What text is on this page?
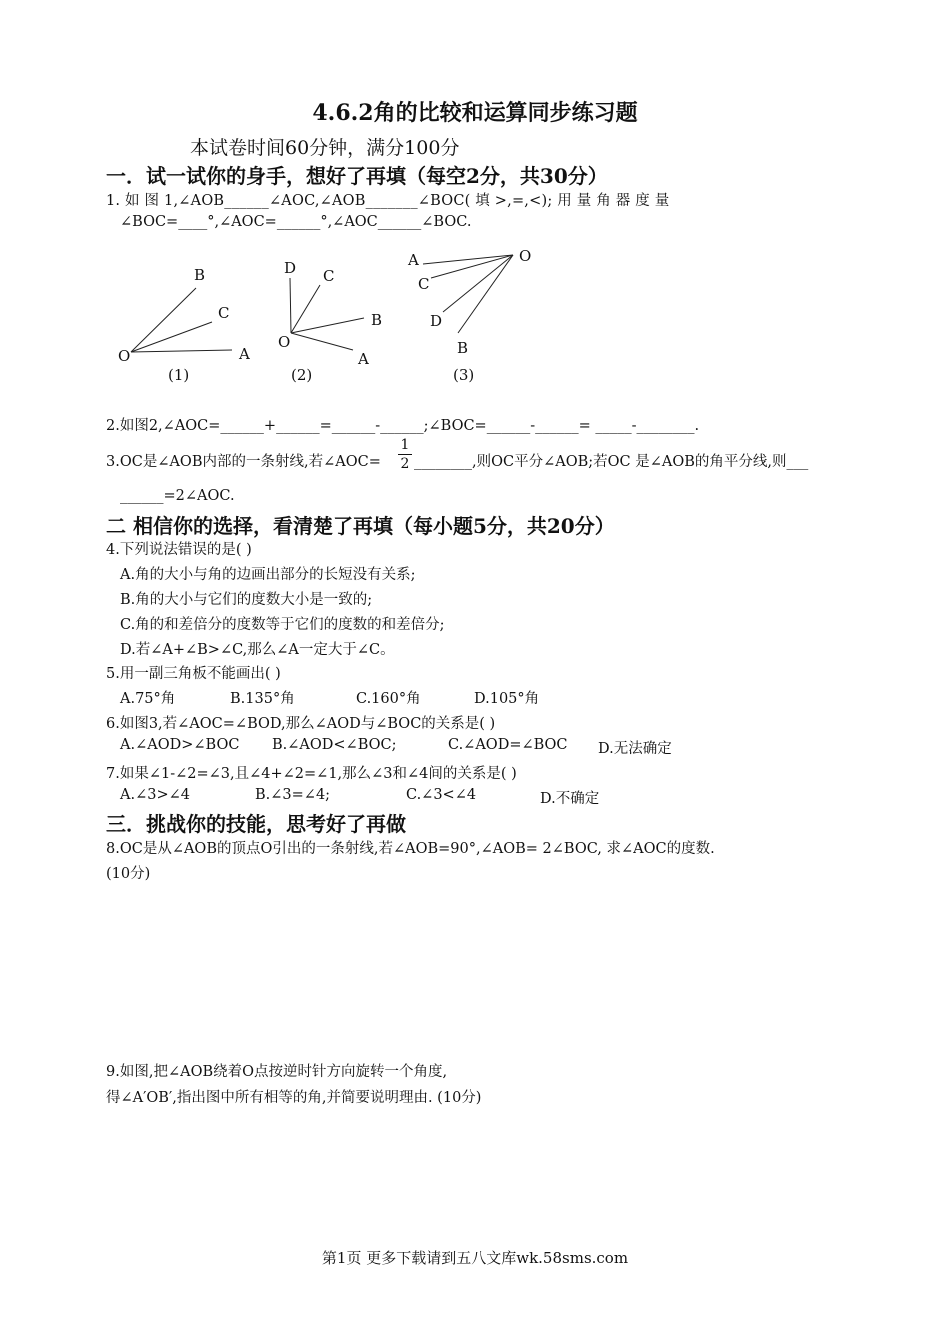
4.6.2角的比较和运算同步练习题
本试卷时间60分钟，满分100分
一．试一试你的身手，想好了再填（每空2分，共30分）
1. 如 图 1,∠AOB______∠AOC,∠AOB_______∠BOC( 填 >,=,<); 用 量 角 器 度 量
∠BOC=____°,∠AOC=______°,∠AOC______∠BOC.
O	A
B
C
(1)
O
D C
B
A
(2)
O
A
C
D
B
(3)
2.如图2,∠AOC=______+______=______-______;∠BOC=______-______= _____-________.
3.OC是∠AOB内部的一条射线,若∠AOC=
1
2 ________,则OC平分∠AOB;若OC 是∠AOB的角平分线,则___
______=2∠AOC.
二 相信你的选择，看清楚了再填（每小题5分，共20分）
4.下列说法错误的是( )
A.角的大小与角的边画出部分的长短没有关系;
B.角的大小与它们的度数大小是一致的;
C.角的和差倍分的度数等于它们的度数的和差倍分;
D.若∠A+∠B>∠C,那么∠A一定大于∠C。
5.用一副三角板不能画出( )
A.75°角	B.135°角	C.160°角	D.105°角
6.如图3,若∠AOC=∠BOD,那么∠AOD与∠BOC的关系是( )
A.∠AOD>∠BOC B.∠AOD<∠BOC;	C.∠AOD=∠BOC D.无法确定
7.如果∠1-∠2=∠3,且∠4+∠2=∠1,那么∠3和∠4间的关系是( )
A.∠3>∠4	B.∠3=∠4;	C.∠3<∠4	D.不确定
三．挑战你的技能，思考好了再做
8.OC是从∠AOB的顶点O引出的一条射线,若∠AOB=90°,∠AOB= 2∠BOC, 求∠AOC的度数.
(10分)
9.如图,把∠AOB绕着O点按逆时针方向旋转一个角度,
得∠A′OB′,指出图中所有相等的角,并简要说明理由. (10分)
第1页 更多下载请到五八文库wk.58sms.com
